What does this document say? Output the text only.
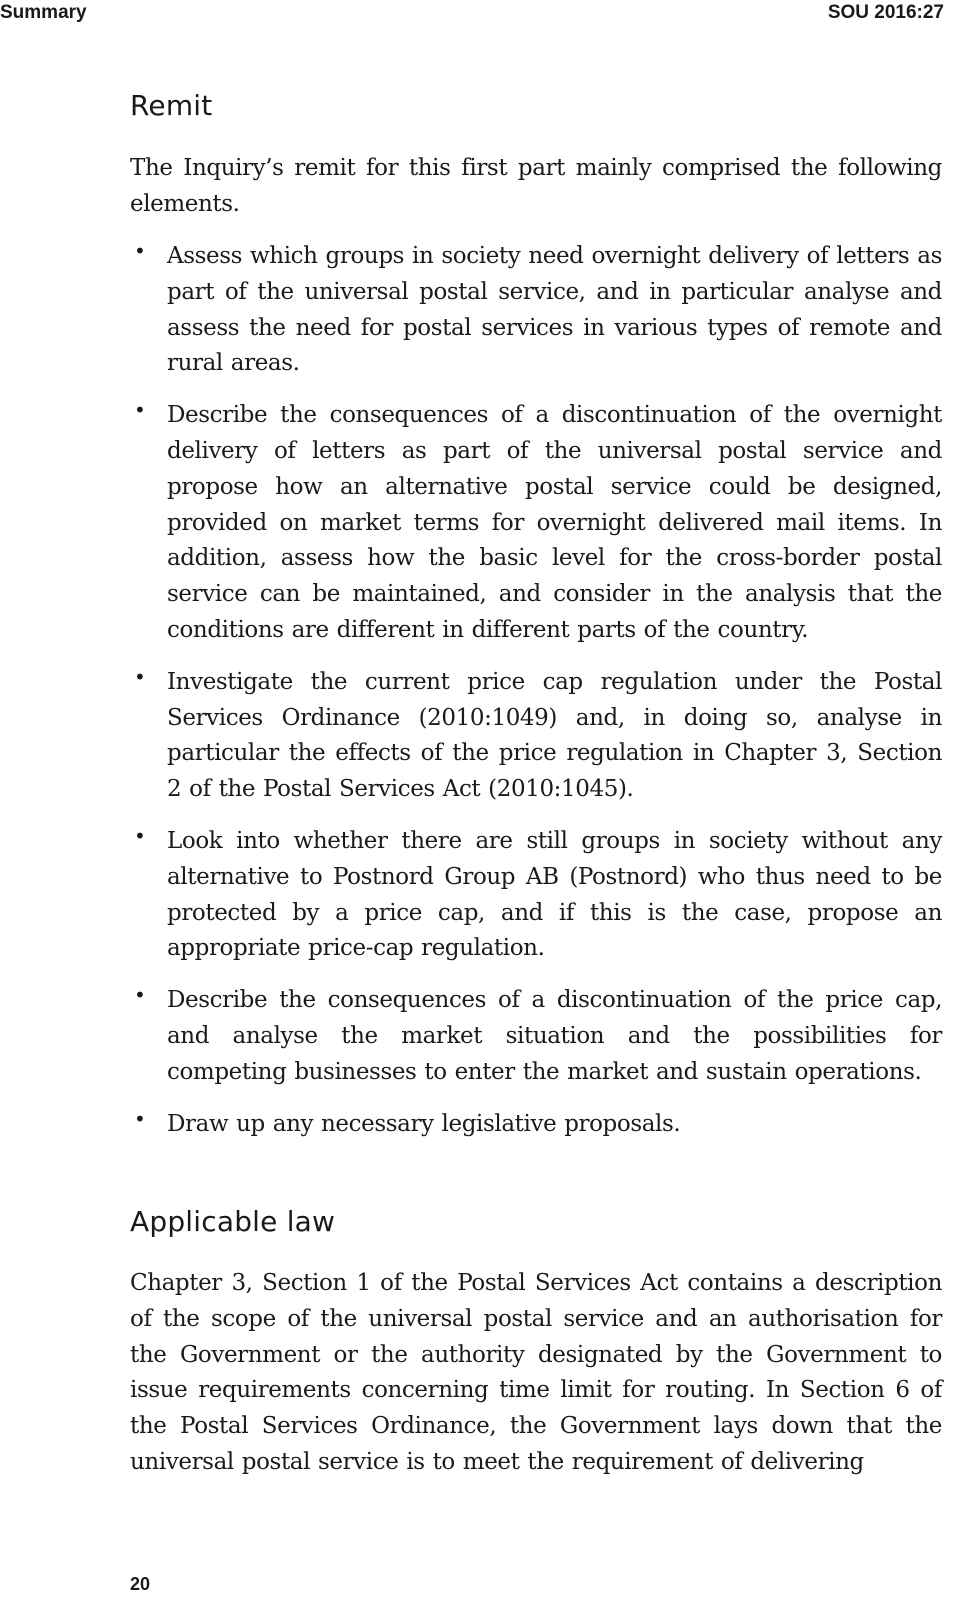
Summary	SOU 2016:27
Remit

The Inquiry’s remit for this first part mainly comprised the following elements.

• Assess which groups in society need overnight delivery of letters as part of the universal postal service, and in particular analyse and assess the need for postal services in various types of remote and rural areas.

• Describe the consequences of a discontinuation of the overnight delivery of letters as part of the universal postal service and propose how an alternative postal service could be designed, provided on market terms for overnight delivered mail items. In addition, assess how the basic level for the cross-border postal service can be maintained, and consider in the analysis that the conditions are different in different parts of the country.

• Investigate the current price cap regulation under the Postal Services Ordinance (2010:1049) and, in doing so, analyse in particular the effects of the price regulation in Chapter 3, Section 2 of the Postal Services Act (2010:1045).

• Look into whether there are still groups in society without any alternative to Postnord Group AB (Postnord) who thus need to be protected by a price cap, and if this is the case, propose an appropriate price-cap regulation.

• Describe the consequences of a discontinuation of the price cap, and analyse the market situation and the possibilities for competing businesses to enter the market and sustain operations.

• Draw up any necessary legislative proposals.

Applicable law

Chapter 3, Section 1 of the Postal Services Act contains a description of the scope of the universal postal service and an authorisation for the Government or the authority designated by the Government to issue requirements concerning time limit for routing. In Section 6 of the Postal Services Ordinance, the Government lays down that the universal postal service is to meet the requirement of delivering

20
